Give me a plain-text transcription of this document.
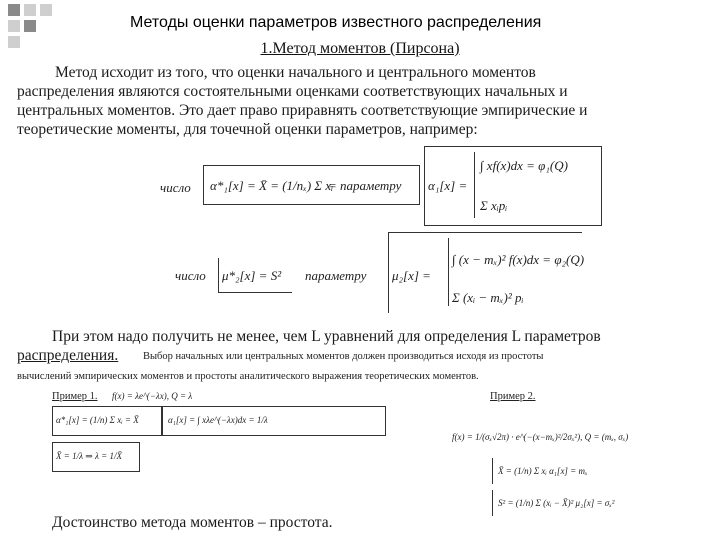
Методы оценки параметров известного распределения
1.Метод моментов (Пирсона)
Метод исходит из того, что оценки начального и центрального моментов
распределения являются состоятельными оценками соответствующих начальных и
центральных моментов. Это дает право приравнять соответствующие эмпирические и
теоретические моменты, для точечной оценки параметров, например:
число α*₁[x] = X̄ = (1/nₓ) Σ xᵢ
= параметру α₁[x] =
∫ xf(x)dx = φ₁(Q)
Σ xᵢpᵢ
число μ*₂[x] = S² параметру μ₂[x] =
∫ (x − mₓ)² f(x)dx = φ₂(Q)
Σ (xᵢ − mₓ)² pᵢ
При этом надо получить не менее, чем L уравнений для определения L параметров
распределения. Выбор начальных или центральных моментов должен производиться исходя из простоты
вычислений эмпирических моментов и простоты аналитического выражения теоретических моментов.
Пример 1. f(x) = λe^(−λx), Q = λ
α*₁[x] = (1/n) Σ xᵢ = X̄	α₁[x] = ∫ xλe^(−λx)dx = 1/λ
X̄ = 1/λ ⇒ λ = 1/X̄
Пример 2.
f(x) = 1/(σₓ√2π) · e^(−(x−mₓ)²/2σₓ²), Q = (mₓ, σₓ)
X̄ = (1/n) Σ xᵢ α₁[x] = mₓ
S² = (1/n) Σ (xᵢ − X̄)² μ₂[x] = σₓ²
Достоинство метода моментов – простота.
